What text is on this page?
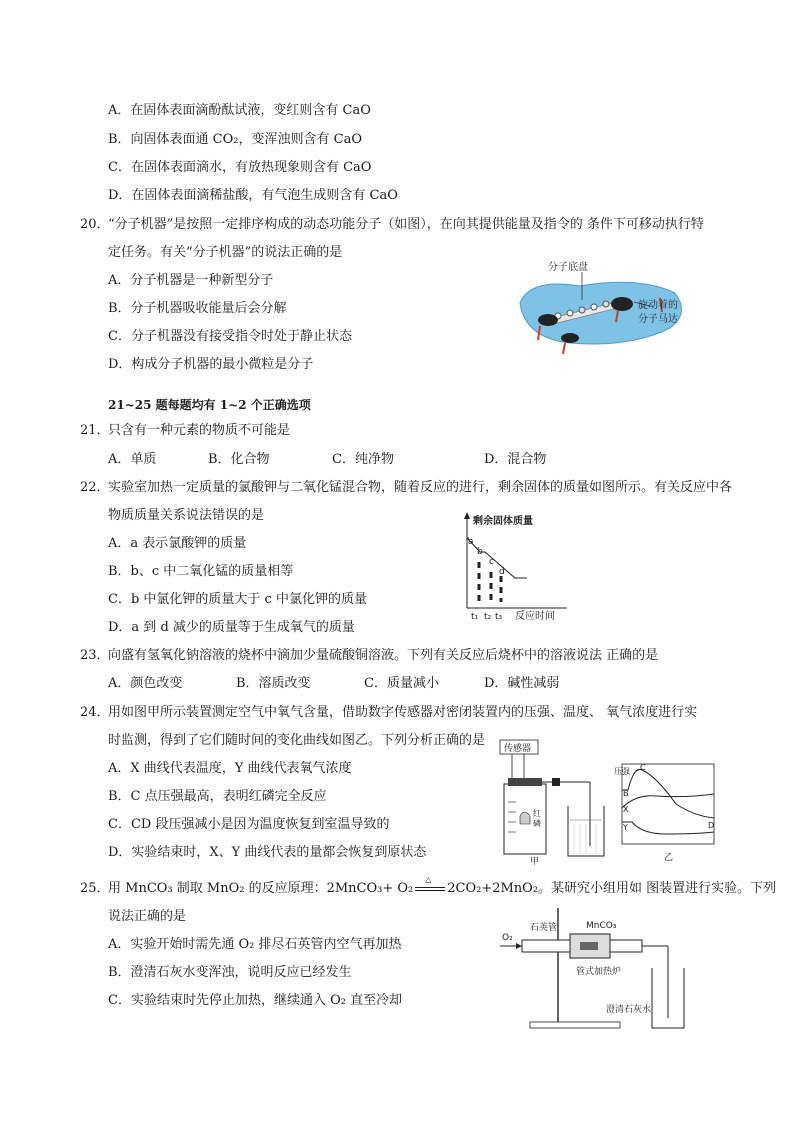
A．在固体表面滴酚酞试液，变红则含有 CaO
B．向固体表面通 CO₂，变浑浊则含有 CaO
C．在固体表面滴水，有放热现象则含有 CaO
D．在固体表面滴稀盐酸，有气泡生成则含有 CaO
20．
“分子机器”是按照一定排序构成的动态功能分子（如图），在向其提供能量及指令的 条件下可移动执行特
定任务。有关“分子机器”的说法正确的是
A．分子机器是一种新型分子
B．分子机器吸收能量后会分解
C．分子机器没有接受指令时处于静止状态
D．构成分子机器的最小微粒是分子
分子底盘
旋动着的
分子马达
21~25 题每题均有 1~2 个正确选项
21．
只含有一种元素的物质不可能是
A．单质	B．化合物	C．纯净物	D．混合物
22．
实验室加热一定质量的氯酸钾与二氧化锰混合物，随着反应的进行，剩余固体的质量如图所示。有关反应中各
物质质量关系说法错误的是
A．a 表示氯酸钾的质量
B．b、c 中二氧化锰的质量相等
C．b 中氯化钾的质量大于 c 中氯化钾的质量
D．a 到 d 减少的质量等于生成氧气的质量
剩余固体质量
a
b
c
d
t₁ t₂ t₃ 反应时间
23．
向盛有氢氧化钠溶液的烧杯中滴加少量硫酸铜溶液。下列有关反应后烧杯中的溶液说法 正确的是
A．颜色改变	B．溶质改变	C．质量减小	D．碱性减弱
24．
用如图甲所示装置测定空气中氧气含量，借助数字传感器对密闭装置内的压强、温度、 氧气浓度进行实
时监测，得到了它们随时间的变化曲线如图乙。下列分析正确的是
A．X 曲线代表温度，Y 曲线代表氧气浓度
B．C 点压强最高，表明红磷完全反应
C．CD 段压强减小是因为温度恢复到室温导致的
D．实验结束时，X、Y 曲线代表的量都会恢复到原状态
传感器
红
磷
甲
压强 C
B
X
Y	D
乙
25．
用 MnCO₃ 制取 MnO₂ 的反应原理：2MnCO₃+ O₂
△
2CO₂+2MnO₂。某研究小组用如 图装置进行实验。下列
说法正确的是
A．实验开始时需先通 O₂ 排尽石英管内空气再加热
B．澄清石灰水变浑浊，说明反应已经发生
C．实验结束时先停止加热，继续通入 O₂ 直至冷却
O₂
石英管	MnCO₃
管式加热炉
澄清石灰水
